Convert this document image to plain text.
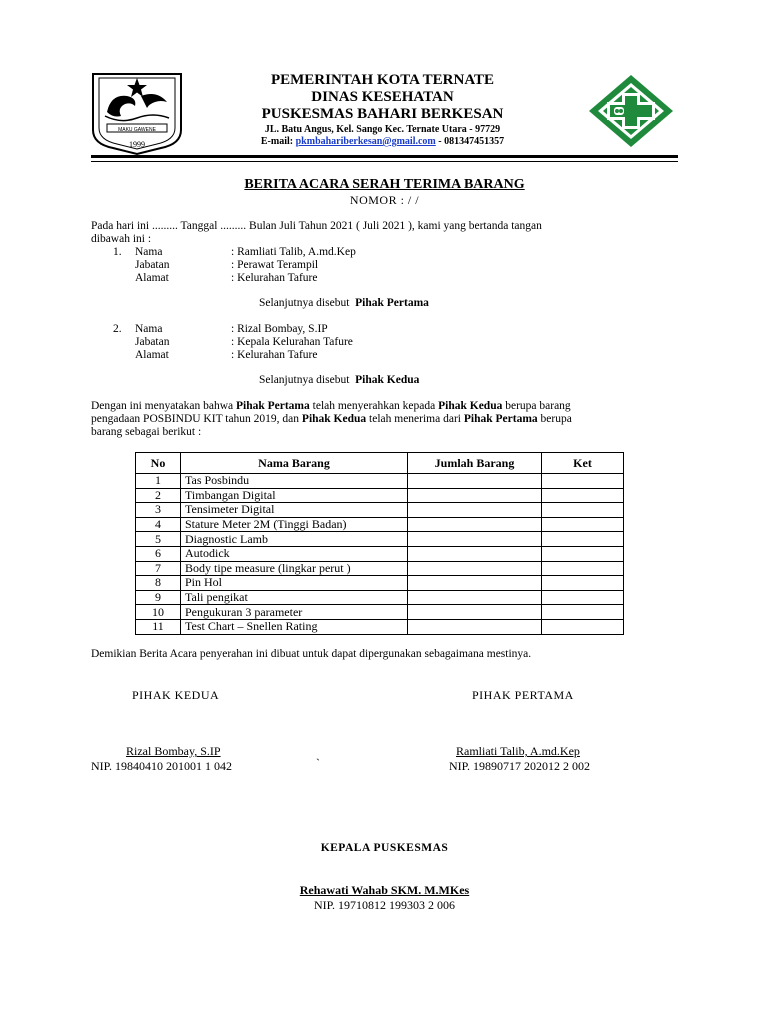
MAKU GAWENE
1999
PEMERINTAH KOTA TERNATE
DINAS KESEHATAN
PUSKESMAS BAHARI BERKESAN
JL. Batu Angus, Kel. Sango Kec. Ternate Utara - 97729
E-mail: pkmbahariberkesan@gmail.com - 081347451357
BERITA ACARA SERAH TERIMA BARANG
NOMOR : / /
Pada hari ini ......... Tanggal ......... Bulan Juli Tahun 2021 ( Juli 2021 ), kami yang bertanda tangan
dibawah ini :
1. Nama	: Ramliati Talib, A.md.Kep
Jabatan	: Perawat Terampil
Alamat	: Kelurahan Tafure
Selanjutnya disebut Pihak Pertama
2. Nama	: Rizal Bombay, S.IP
Jabatan	: Kepala Kelurahan Tafure
Alamat	: Kelurahan Tafure
Selanjutnya disebut Pihak Kedua
Dengan ini menyatakan bahwa Pihak Pertama telah menyerahkan kepada Pihak Kedua berupa barang
pengadaan POSBINDU KIT tahun 2019, dan Pihak Kedua telah menerima dari Pihak Pertama berupa
barang sebagai berikut :
No	Nama Barang	Jumlah Barang	Ket
1	Tas Posbindu		
2	Timbangan Digital		
3	Tensimeter Digital		
4	Stature Meter 2M (Tinggi Badan)		
5	Diagnostic Lamb		
6	Autodick		
7	Body tipe measure (lingkar perut )		
8	Pin Hol		
9	Tali pengikat		
10	Pengukuran 3 parameter		
11	Test Chart – Snellen Rating		
Demikian Berita Acara penyerahan ini dibuat untuk dapat dipergunakan sebagaimana mestinya.
PIHAK KEDUA	PIHAK PERTAMA
Rizal Bombay, S.IP
NIP. 19840410 201001 1 042	`
Ramliati Talib, A.md.Kep
NIP. 19890717 202012 2 002
KEPALA PUSKESMAS
Rehawati Wahab SKM. M.MKes
NIP. 19710812 199303 2 006
